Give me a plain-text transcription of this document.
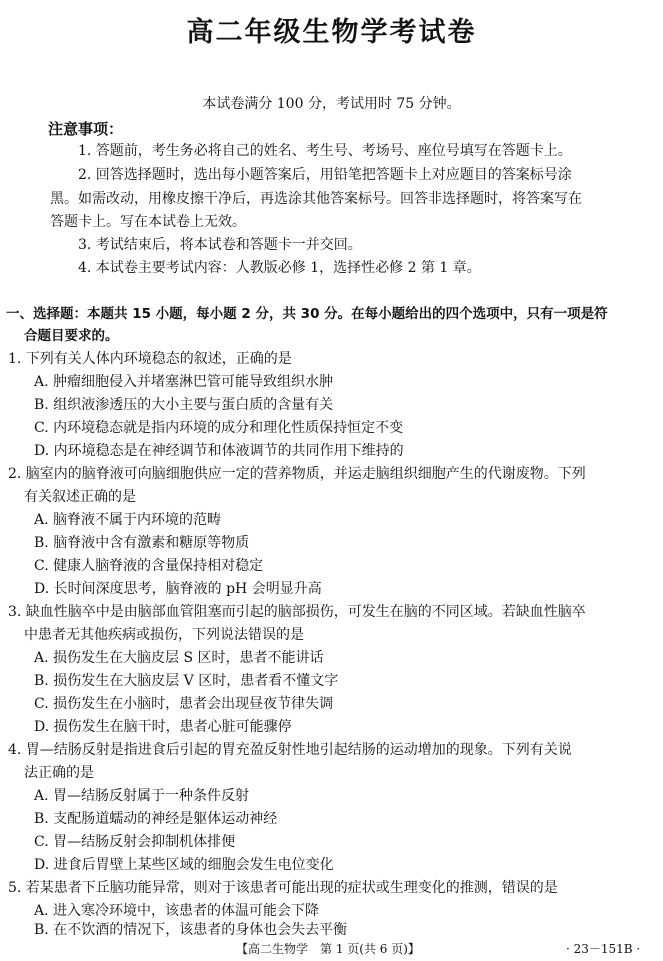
高二年级生物学考试卷
本试卷满分 100 分，考试用时 75 分钟。
注意事项：
1. 答题前，考生务必将自己的姓名、考生号、考场号、座位号填写在答题卡上。
2. 回答选择题时，选出每小题答案后，用铅笔把答题卡上对应题目的答案标号涂
黑。如需改动，用橡皮擦干净后，再选涂其他答案标号。回答非选择题时，将答案写在
答题卡上。写在本试卷上无效。
3. 考试结束后，将本试卷和答题卡一并交回。
4. 本试卷主要考试内容：人教版必修 1，选择性必修 2 第 1 章。
一、选择题：本题共 15 小题，每小题 2 分，共 30 分。在每小题给出的四个选项中，只有一项是符
合题目要求的。
1. 下列有关人体内环境稳态的叙述，正确的是
A. 肿瘤细胞侵入并堵塞淋巴管可能导致组织水肿
B. 组织液渗透压的大小主要与蛋白质的含量有关
C. 内环境稳态就是指内环境的成分和理化性质保持恒定不变
D. 内环境稳态是在神经调节和体液调节的共同作用下维持的
2. 脑室内的脑脊液可向脑细胞供应一定的营养物质，并运走脑组织细胞产生的代谢废物。下列
有关叙述正确的是
A. 脑脊液不属于内环境的范畴
B. 脑脊液中含有激素和糖原等物质
C. 健康人脑脊液的含量保持相对稳定
D. 长时间深度思考，脑脊液的 pH 会明显升高
3. 缺血性脑卒中是由脑部血管阻塞而引起的脑部损伤，可发生在脑的不同区域。若缺血性脑卒
中患者无其他疾病或损伤，下列说法错误的是
A. 损伤发生在大脑皮层 S 区时，患者不能讲话
B. 损伤发生在大脑皮层 V 区时，患者看不懂文字
C. 损伤发生在小脑时，患者会出现昼夜节律失调
D. 损伤发生在脑干时，患者心脏可能骤停
4. 胃—结肠反射是指进食后引起的胃充盈反射性地引起结肠的运动增加的现象。下列有关说
法正确的是
A. 胃—结肠反射属于一种条件反射
B. 支配肠道蠕动的神经是躯体运动神经
C. 胃—结肠反射会抑制机体排便
D. 进食后胃壁上某些区域的细胞会发生电位变化
5. 若某患者下丘脑功能异常，则对于该患者可能出现的症状或生理变化的推测，错误的是
A. 进入寒冷环境中，该患者的体温可能会下降
B. 在不饮酒的情况下，该患者的身体也会失去平衡
【高二生物学　第 1 页(共 6 页)】	· 23－151B ·
